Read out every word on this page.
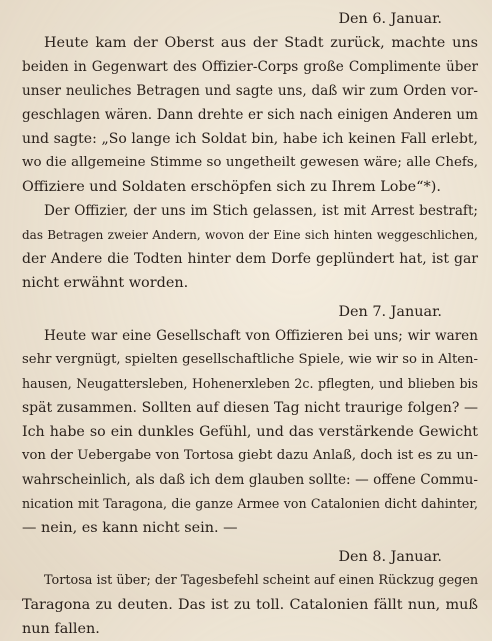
Den 6. Januar.

Heute kam der Oberst aus der Stadt zurück, machte uns

beiden in Gegenwart des Offizier-Corps große Complimente über

unser neuliches Betragen und sagte uns, daß wir zum Orden vor-

geschlagen wären. Dann drehte er sich nach einigen Anderen um

und sagte: „So lange ich Soldat bin, habe ich keinen Fall erlebt,

wo die allgemeine Stimme so ungetheilt gewesen wäre; alle Chefs,

Offiziere und Soldaten erschöpfen sich zu Ihrem Lobe“*).

Der Offizier, der uns im Stich gelassen, ist mit Arrest bestraft;

das Betragen zweier Andern, wovon der Eine sich hinten weggeschlichen,

der Andere die Todten hinter dem Dorfe geplündert hat, ist gar

nicht erwähnt worden.

Den 7. Januar.

Heute war eine Gesellschaft von Offizieren bei uns; wir waren

sehr vergnügt, spielten gesellschaftliche Spiele, wie wir so in Alten-

hausen, Neugattersleben, Hohenerxleben 2c. pflegten, und blieben bis

spät zusammen. Sollten auf diesen Tag nicht traurige folgen? —

Ich habe so ein dunkles Gefühl, und das verstärkende Gewicht

von der Uebergabe von Tortosa giebt dazu Anlaß, doch ist es zu un-

wahrscheinlich, als daß ich dem glauben sollte: — offene Commu-

nication mit Taragona, die ganze Armee von Catalonien dicht dahinter,

— nein, es kann nicht sein. —

Den 8. Januar.

Tortosa ist über; der Tagesbefehl scheint auf einen Rückzug gegen

Taragona zu deuten. Das ist zu toll. Catalonien fällt nun, muß

nun fallen.
